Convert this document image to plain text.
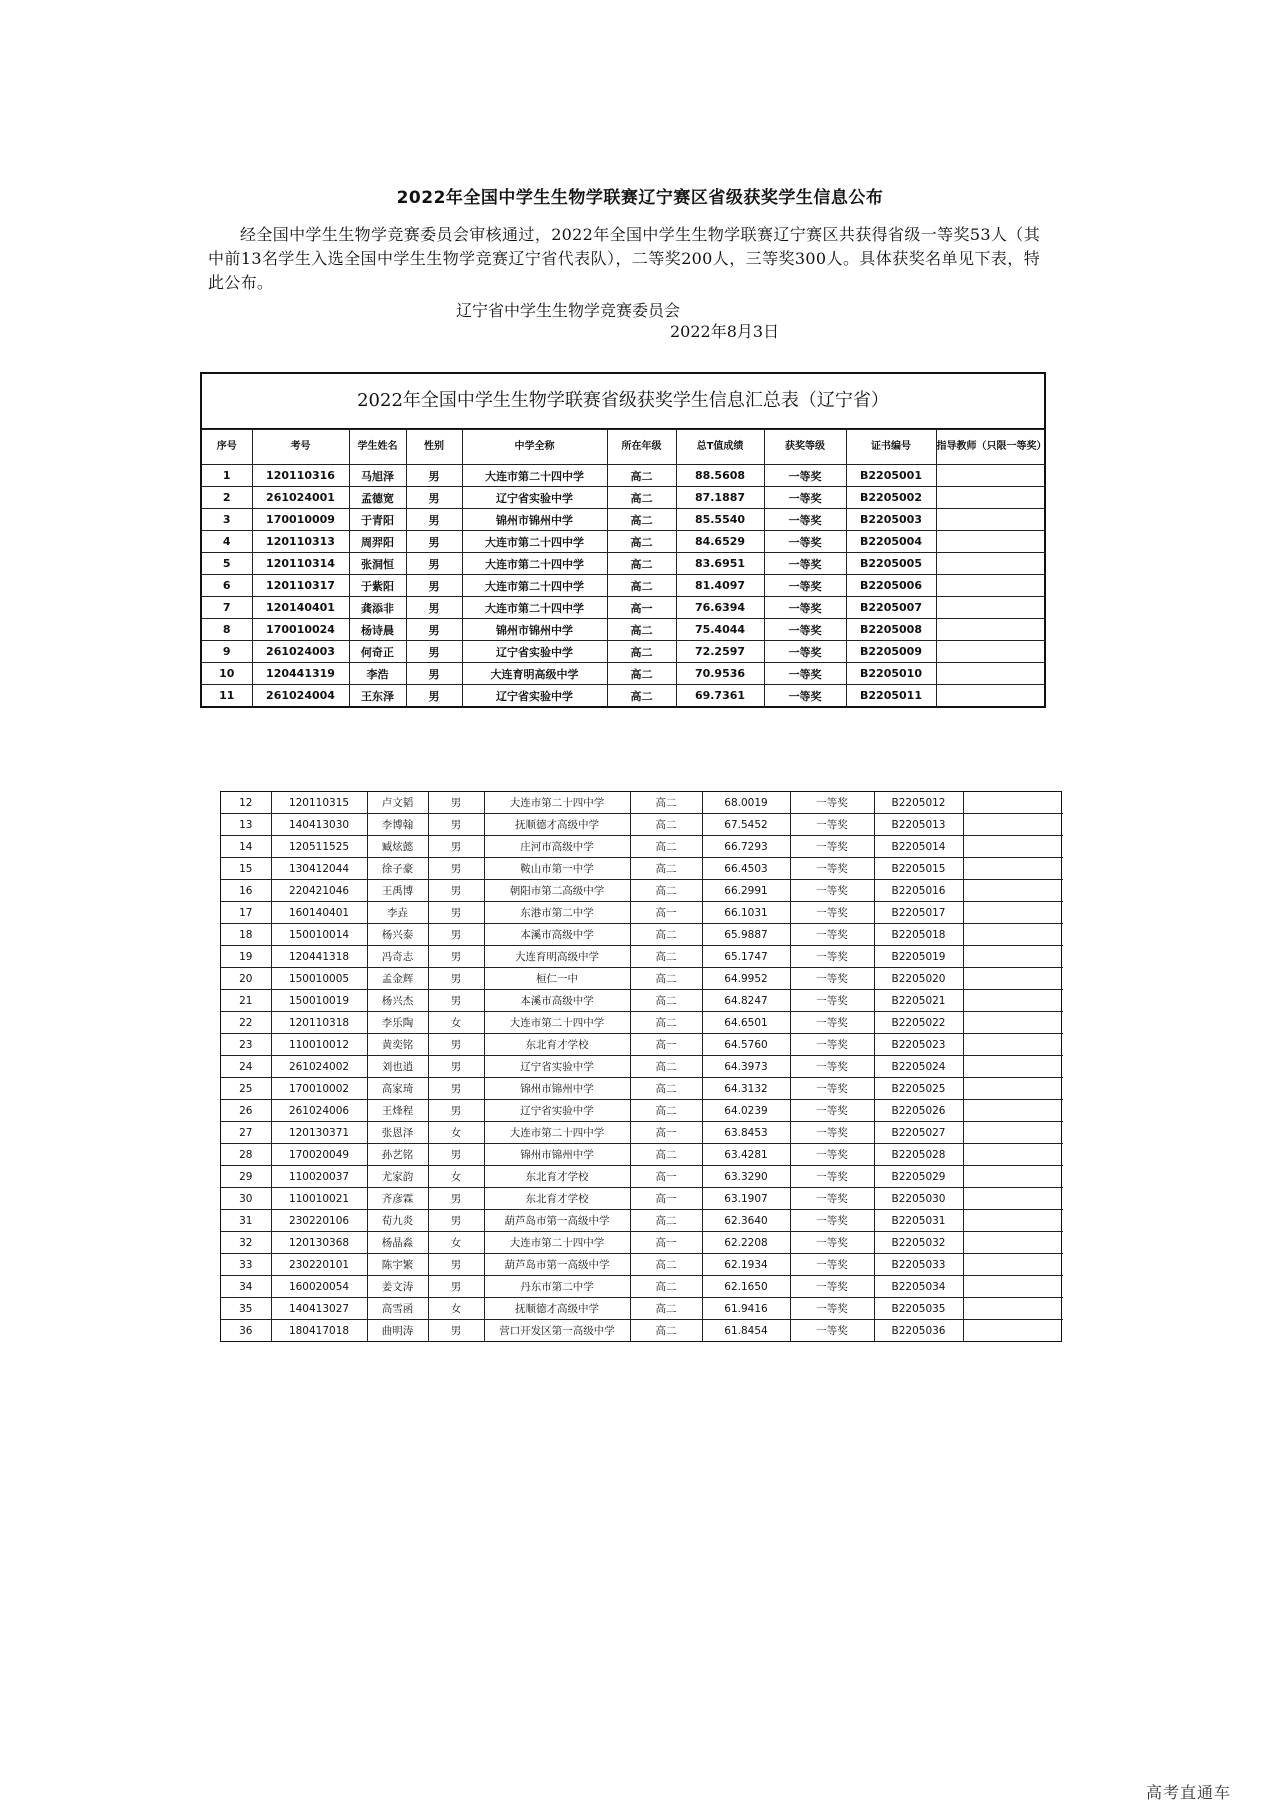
2022年全国中学生生物学联赛辽宁赛区省级获奖学生信息公布
经全国中学生生物学竞赛委员会审核通过，2022年全国中学生生物学联赛辽宁赛区共获得省级一等奖53人（其中前13名学生入选全国中学生生物学竞赛辽宁省代表队），二等奖200人，三等奖300人。具体获奖名单见下表，特此公布。
辽宁省中学生生物学竞赛委员会
2022年8月3日
2022年全国中学生生物学联赛省级获奖学生信息汇总表（辽宁省）
序号	考号	学生姓名	性别	中学全称	所在年级	总T值成绩	获奖等级	证书编号	指导教师（只限一等奖）
1	120110316	马旭泽	男	大连市第二十四中学	高二	88.5608	一等奖	B2205001	
2	261024001	孟德宽	男	辽宁省实验中学	高二	87.1887	一等奖	B2205002	
3	170010009	于青阳	男	锦州市锦州中学	高二	85.5540	一等奖	B2205003	
4	120110313	周羿阳	男	大连市第二十四中学	高二	84.6529	一等奖	B2205004	
5	120110314	张洞恒	男	大连市第二十四中学	高二	83.6951	一等奖	B2205005	
6	120110317	于紫阳	男	大连市第二十四中学	高二	81.4097	一等奖	B2205006	
7	120140401	龚添非	男	大连市第二十四中学	高一	76.6394	一等奖	B2205007	
8	170010024	杨诗晨	男	锦州市锦州中学	高二	75.4044	一等奖	B2205008	
9	261024003	何奇正	男	辽宁省实验中学	高二	72.2597	一等奖	B2205009	
10	120441319	李浩	男	大连育明高级中学	高二	70.9536	一等奖	B2205010	
11	261024004	王东泽	男	辽宁省实验中学	高二	69.7361	一等奖	B2205011	
12	120110315	卢文韬	男	大连市第二十四中学	高二	68.0019	一等奖	B2205012	
13	140413030	李博翰	男	抚顺德才高级中学	高二	67.5452	一等奖	B2205013	
14	120511525	臧炫懿	男	庄河市高级中学	高二	66.7293	一等奖	B2205014	
15	130412044	徐子豪	男	鞍山市第一中学	高二	66.4503	一等奖	B2205015	
16	220421046	王禹博	男	朝阳市第二高级中学	高二	66.2991	一等奖	B2205016	
17	160140401	李垚	男	东港市第二中学	高一	66.1031	一等奖	B2205017	
18	150010014	杨兴泰	男	本溪市高级中学	高二	65.9887	一等奖	B2205018	
19	120441318	冯奇志	男	大连育明高级中学	高二	65.1747	一等奖	B2205019	
20	150010005	孟金辉	男	桓仁一中	高二	64.9952	一等奖	B2205020	
21	150010019	杨兴杰	男	本溪市高级中学	高二	64.8247	一等奖	B2205021	
22	120110318	李乐陶	女	大连市第二十四中学	高二	64.6501	一等奖	B2205022	
23	110010012	黄奕铭	男	东北育才学校	高一	64.5760	一等奖	B2205023	
24	261024002	刘也逍	男	辽宁省实验中学	高二	64.3973	一等奖	B2205024	
25	170010002	高家琦	男	锦州市锦州中学	高二	64.3132	一等奖	B2205025	
26	261024006	王烽程	男	辽宁省实验中学	高二	64.0239	一等奖	B2205026	
27	120130371	张恩泽	女	大连市第二十四中学	高一	63.8453	一等奖	B2205027	
28	170020049	孙艺铭	男	锦州市锦州中学	高二	63.4281	一等奖	B2205028	
29	110020037	尤家韵	女	东北育才学校	高一	63.3290	一等奖	B2205029	
30	110010021	齐彦霖	男	东北育才学校	高一	63.1907	一等奖	B2205030	
31	230220106	荀九炎	男	葫芦岛市第一高级中学	高二	62.3640	一等奖	B2205031	
32	120130368	杨晶淼	女	大连市第二十四中学	高一	62.2208	一等奖	B2205032	
33	230220101	陈宇繁	男	葫芦岛市第一高级中学	高二	62.1934	一等奖	B2205033	
34	160020054	姜文涛	男	丹东市第二中学	高二	62.1650	一等奖	B2205034	
35	140413027	高雪函	女	抚顺德才高级中学	高二	61.9416	一等奖	B2205035	
36	180417018	曲明涛	男	营口开发区第一高级中学	高二	61.8454	一等奖	B2205036	
高考直通车
